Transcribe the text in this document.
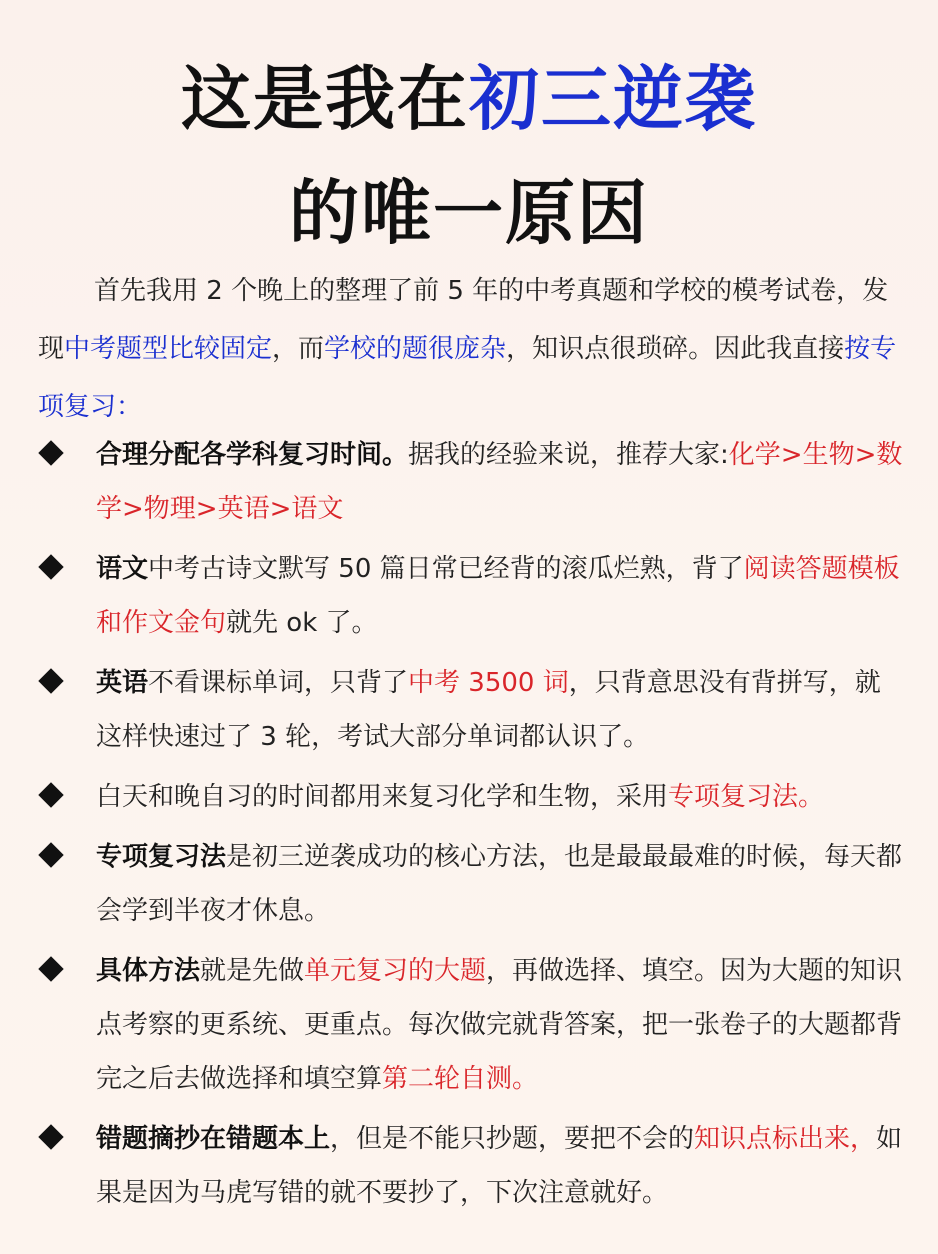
这是我在初三逆袭
的唯一原因
首先我用 2 个晚上的整理了前 5 年的中考真题和学校的模考试卷，发现中考题型比较固定，而学校的题很庞杂，知识点很琐碎。因此我直接按专项复习：
合理分配各学科复习时间。据我的经验来说，推荐大家:化学>生物>数学>物理>英语>语文
语文中考古诗文默写 50 篇日常已经背的滚瓜烂熟，背了阅读答题模板和作文金句就先 ok 了。
英语不看课标单词，只背了中考 3500 词，只背意思没有背拼写，就这样快速过了 3 轮，考试大部分单词都认识了。
白天和晚自习的时间都用来复习化学和生物，采用专项复习法。
专项复习法是初三逆袭成功的核心方法，也是最最最难的时候，每天都会学到半夜才休息。
具体方法就是先做单元复习的大题，再做选择、填空。因为大题的知识点考察的更系统、更重点。每次做完就背答案，把一张卷子的大题都背完之后去做选择和填空算第二轮自测。
错题摘抄在错题本上，但是不能只抄题，要把不会的知识点标出来，如果是因为马虎写错的就不要抄了，下次注意就好。
